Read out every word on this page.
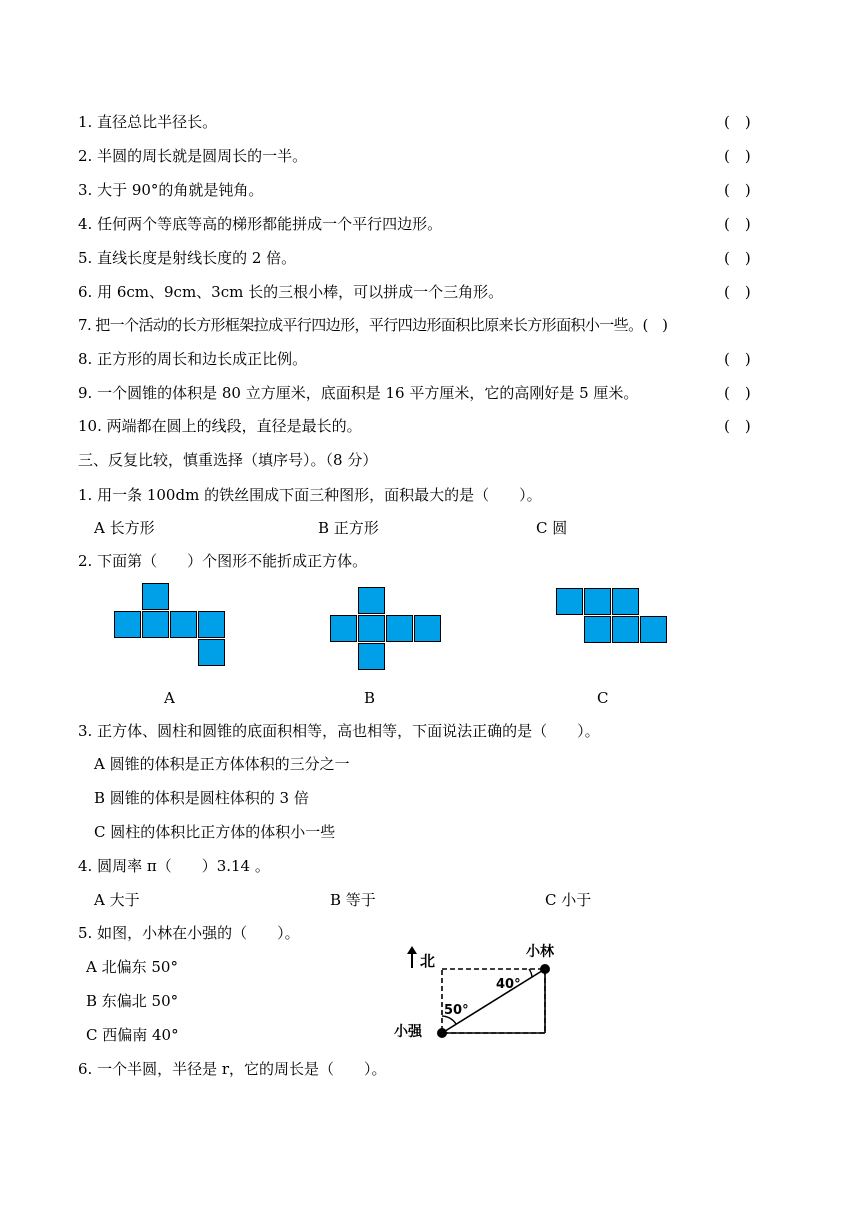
1. 直径总比半径长。	(　)
2. 半圆的周长就是圆周长的一半。	(　)
3. 大于 90°的角就是钝角。	(　)
4. 任何两个等底等高的梯形都能拼成一个平行四边形。	(　)
5. 直线长度是射线长度的 2 倍。	(　)
6. 用 6cm、9cm、3cm 长的三根小棒，可以拼成一个三角形。	(　)
7. 把一个活动的长方形框架拉成平行四边形，平行四边形面积比原来长方形面积小一些。(　)
8. 正方形的周长和边长成正比例。	(　)
9. 一个圆锥的体积是 80 立方厘米，底面积是 16 平方厘米，它的高刚好是 5 厘米。	(　)
10. 两端都在圆上的线段，直径是最长的。	(　)
三、反复比较，慎重选择（填序号）。（8 分）
1. 用一条 100dm 的铁丝围成下面三种图形，面积最大的是（　　）。
A 长方形	B 正方形	C 圆
2. 下面第（　　）个图形不能折成正方体。
A	B	C
3. 正方体、圆柱和圆锥的底面积相等，高也相等，下面说法正确的是（　　）。
A 圆锥的体积是正方体体积的三分之一
B 圆锥的体积是圆柱体积的 3 倍
C 圆柱的体积比正方体的体积小一些
4. 圆周率 π（　　）3.14 。
A 大于	B 等于	C 小于
5. 如图，小林在小强的（　　）。
A 北偏东 50°
B 东偏北 50°
C 西偏南 40°
北	小林
小强
40°
50°
6. 一个半圆，半径是 r，它的周长是（　　）。
